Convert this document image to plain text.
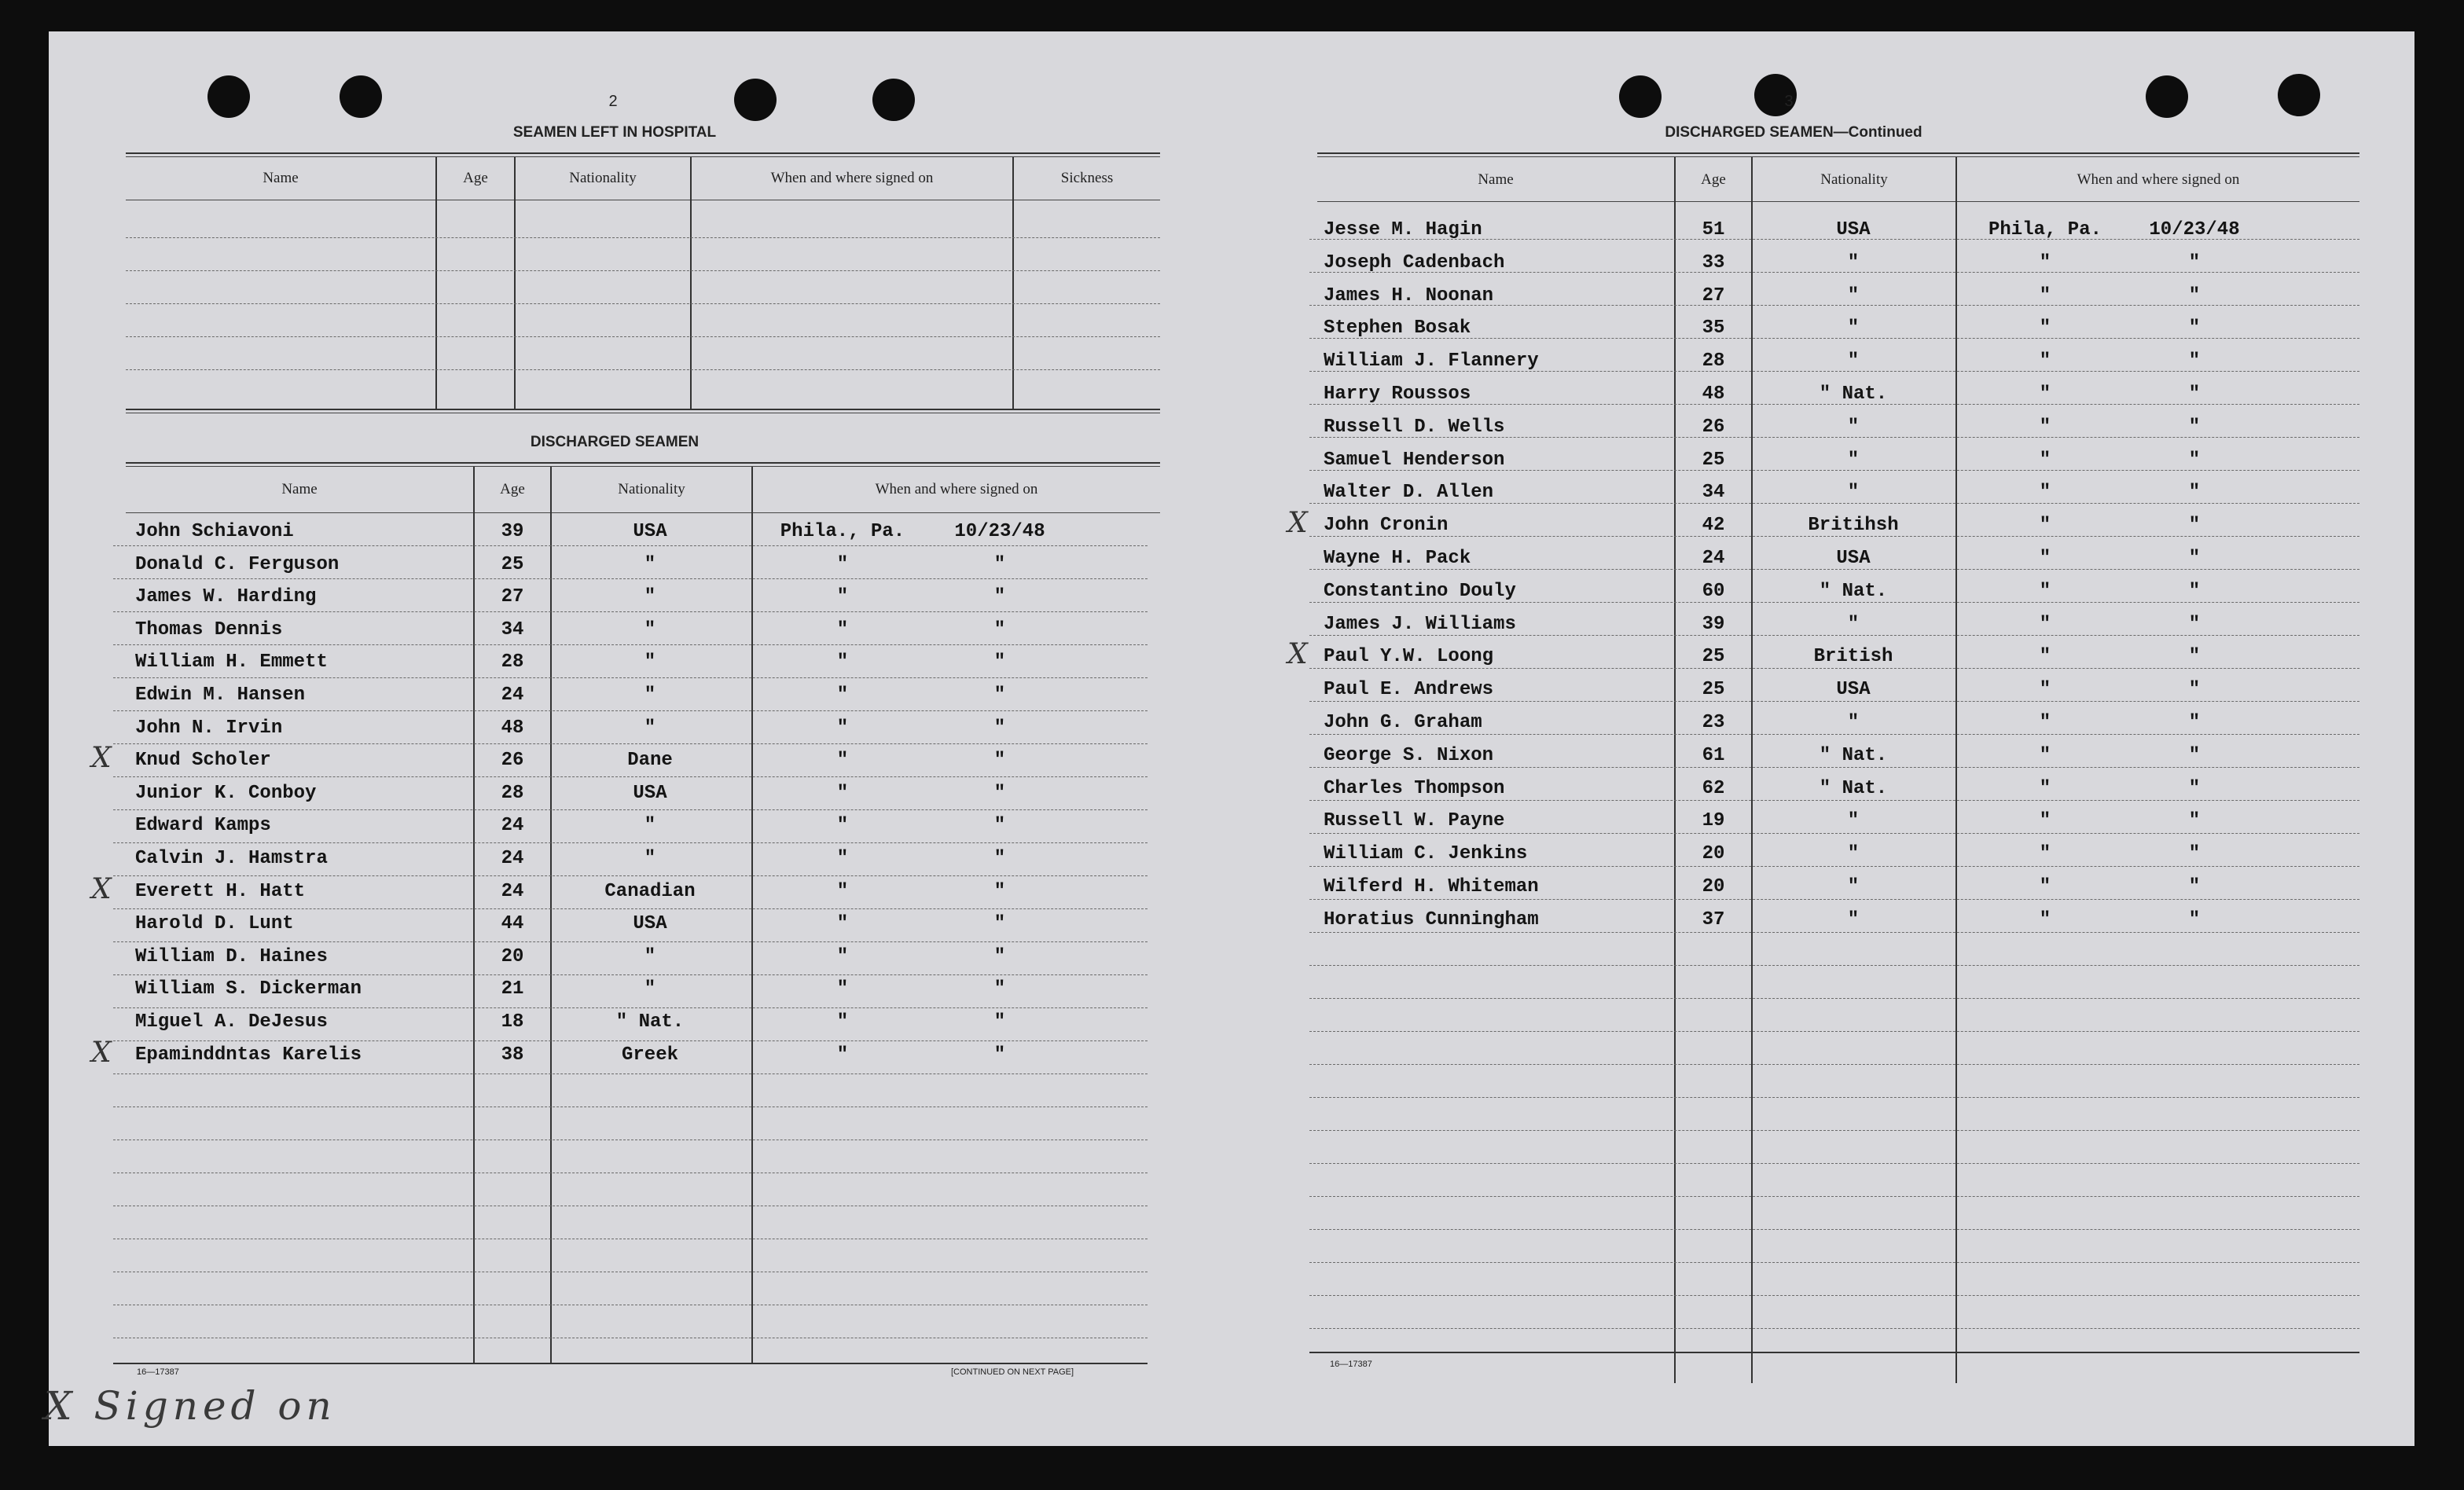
2
SEAMEN LEFT IN HOSPITAL
Name	Age	Nationality	When and where signed on	Sickness
DISCHARGED SEAMEN
Name	Age	Nationality	When and where signed on
John Schiavoni	39	USA	Phila., Pa.	10/23/48
Donald C. Ferguson	25	"	"	"
James W. Harding	27	"	"	"
Thomas Dennis	34	"	"	"
William H. Emmett	28	"	"	"
Edwin M. Hansen	24	"	"	"
John N. Irvin	48	"	"	"
X Knud Scholer	26	Dane	"	"
Junior K. Conboy	28	USA	"	"
Edward Kamps	24	"	"	"
Calvin J. Hamstra	24	"	"	"
X Everett H. Hatt	24	Canadian	"	"
Harold D. Lunt	44	USA	"	"
William D. Haines	20	"	"	"
William S. Dickerman	21	"	"	"
Miguel A. DeJesus	18	" Nat.	"	"
X Epaminddntas Karelis	38	Greek	"	"
16—17387	[CONTINUED ON NEXT PAGE]
X Signed on
3
DISCHARGED SEAMEN—Continued
Name	Age	Nationality	When and where signed on
Jesse M. Hagin	51	USA	Phila, Pa.	10/23/48
Joseph Cadenbach	33	"	"	"
James H. Noonan	27	"	"	"
Stephen Bosak	35	"	"	"
William J. Flannery	28	"	"	"
Harry Roussos	48	" Nat.	"	"
Russell D. Wells	26	"	"	"
Samuel Henderson	25	"	"	"
Walter D. Allen	34	"	"	"
X John Cronin	42	Britihsh	"	"
Wayne H. Pack	24	USA	"	"
Constantino Douly	60	" Nat.	"	"
James J. Williams	39	"	"	"
X Paul Y.W. Loong	25	British	"	"
Paul E. Andrews	25	USA	"	"
John G. Graham	23	"	"	"
George S. Nixon	61	" Nat.	"	"
Charles Thompson	62	" Nat.	"	"
Russell W. Payne	19	"	"	"
William C. Jenkins	20	"	"	"
Wilferd H. Whiteman	20	"	"	"
Horatius Cunningham	37	"	"	"
16—17387
